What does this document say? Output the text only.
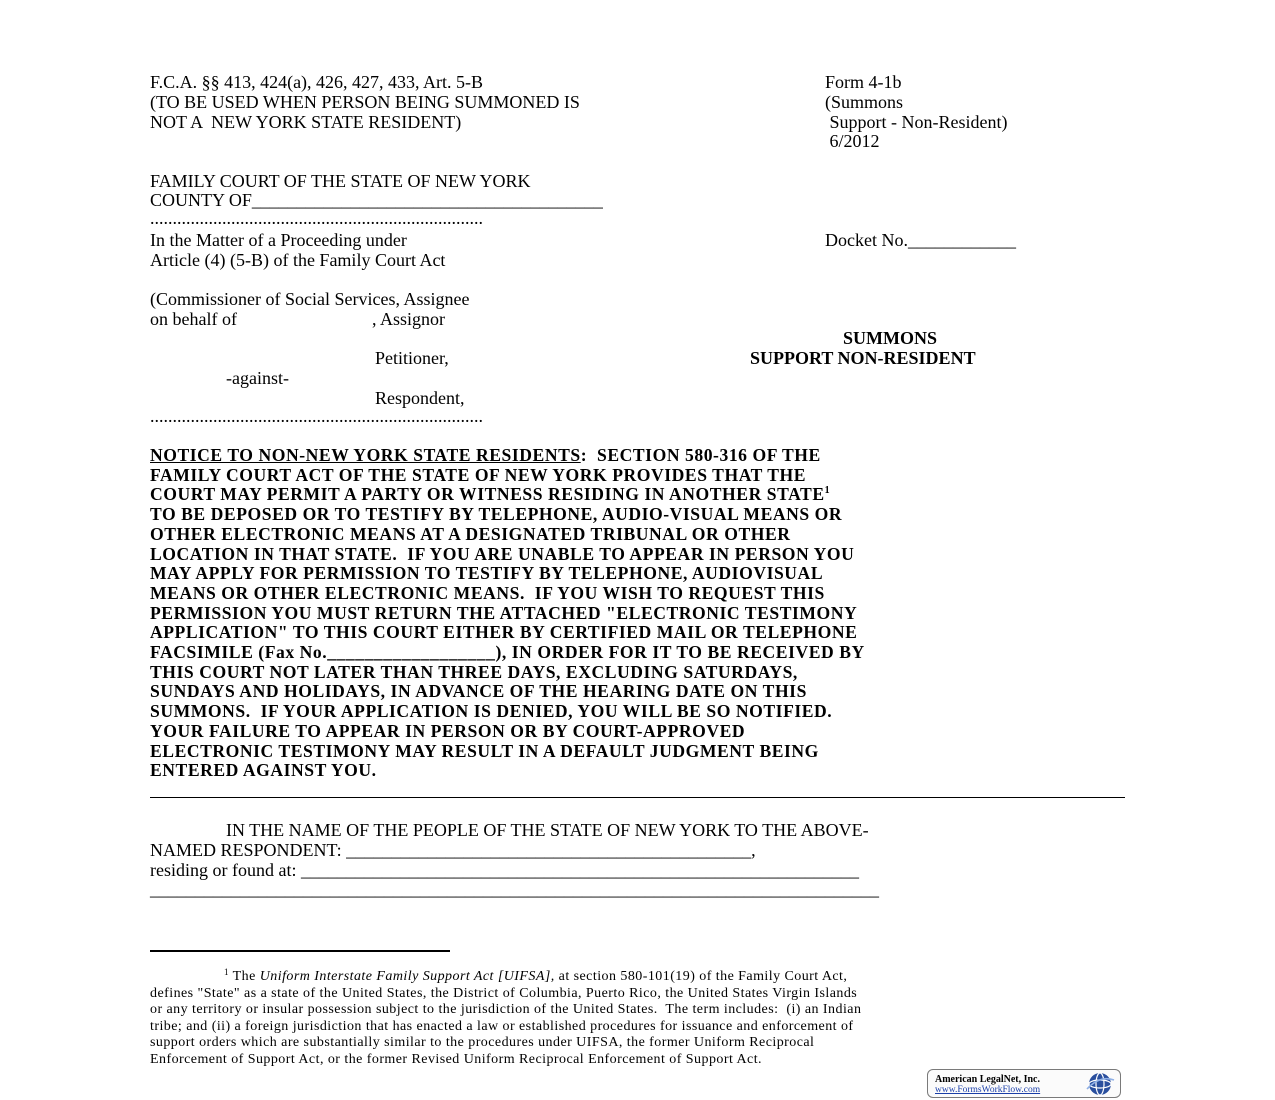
F.C.A. §§ 413, 424(a), 426, 427, 433, Art. 5-B
(TO BE USED WHEN PERSON BEING SUMMONED IS
NOT A  NEW YORK STATE RESIDENT)
Form 4-1b
(Summons
Support - Non-Resident)
6/2012
FAMILY COURT OF THE STATE OF NEW YORK
COUNTY OF_______________________________________
..........................................................................
In the Matter of a Proceeding under
Article (4) (5-B) of the Family Court Act
Docket No.____________
(Commissioner of Social Services, Assignee
on behalf of                              , Assignor
Petitioner,
-against-
Respondent,
..........................................................................
SUMMONS
SUPPORT NON-RESIDENT
NOTICE TO NON-NEW YORK STATE RESIDENTS:  SECTION 580-316 OF THE
FAMILY COURT ACT OF THE STATE OF NEW YORK PROVIDES THAT THE
COURT MAY PERMIT A PARTY OR WITNESS RESIDING IN ANOTHER STATE$^1$
TO BE DEPOSED OR TO TESTIFY BY TELEPHONE, AUDIO-VISUAL MEANS OR
OTHER ELECTRONIC MEANS AT A DESIGNATED TRIBUNAL OR OTHER
LOCATION IN THAT STATE.  IF YOU ARE UNABLE TO APPEAR IN PERSON YOU
MAY APPLY FOR PERMISSION TO TESTIFY BY TELEPHONE, AUDIOVISUAL
MEANS OR OTHER ELECTRONIC MEANS.  IF YOU WISH TO REQUEST THIS
PERMISSION YOU MUST RETURN THE ATTACHED "ELECTRONIC TESTIMONY
APPLICATION" TO THIS COURT EITHER BY CERTIFIED MAIL OR TELEPHONE
FACSIMILE (Fax No.__________________), IN ORDER FOR IT TO BE RECEIVED BY
THIS COURT NOT LATER THAN THREE DAYS, EXCLUDING SATURDAYS,
SUNDAYS AND HOLIDAYS, IN ADVANCE OF THE HEARING DATE ON THIS
SUMMONS.  IF YOUR APPLICATION IS DENIED, YOU WILL BE SO NOTIFIED.
YOUR FAILURE TO APPEAR IN PERSON OR BY COURT-APPROVED
ELECTRONIC TESTIMONY MAY RESULT IN A DEFAULT JUDGMENT BEING
ENTERED AGAINST YOU.
IN THE NAME OF THE PEOPLE OF THE STATE OF NEW YORK TO THE ABOVE-
NAMED RESPONDENT: _____________________________________________,
residing or found at: ______________________________________________________________
_________________________________________________________________________________
$^1$ The Uniform Interstate Family Support Act [UIFSA], at section 580-101(19) of the Family Court Act,
defines "State" as a state of the United States, the District of Columbia, Puerto Rico, the United States Virgin Islands
or any territory or insular possession subject to the jurisdiction of the United States.  The term includes:  (i) an Indian
tribe; and (ii) a foreign jurisdiction that has enacted a law or established procedures for issuance and enforcement of
support orders which are substantially similar to the procedures under UIFSA, the former Uniform Reciprocal
Enforcement of Support Act, or the former Revised Uniform Reciprocal Enforcement of Support Act.
American LegalNet, Inc.
www.FormsWorkFlow.com
